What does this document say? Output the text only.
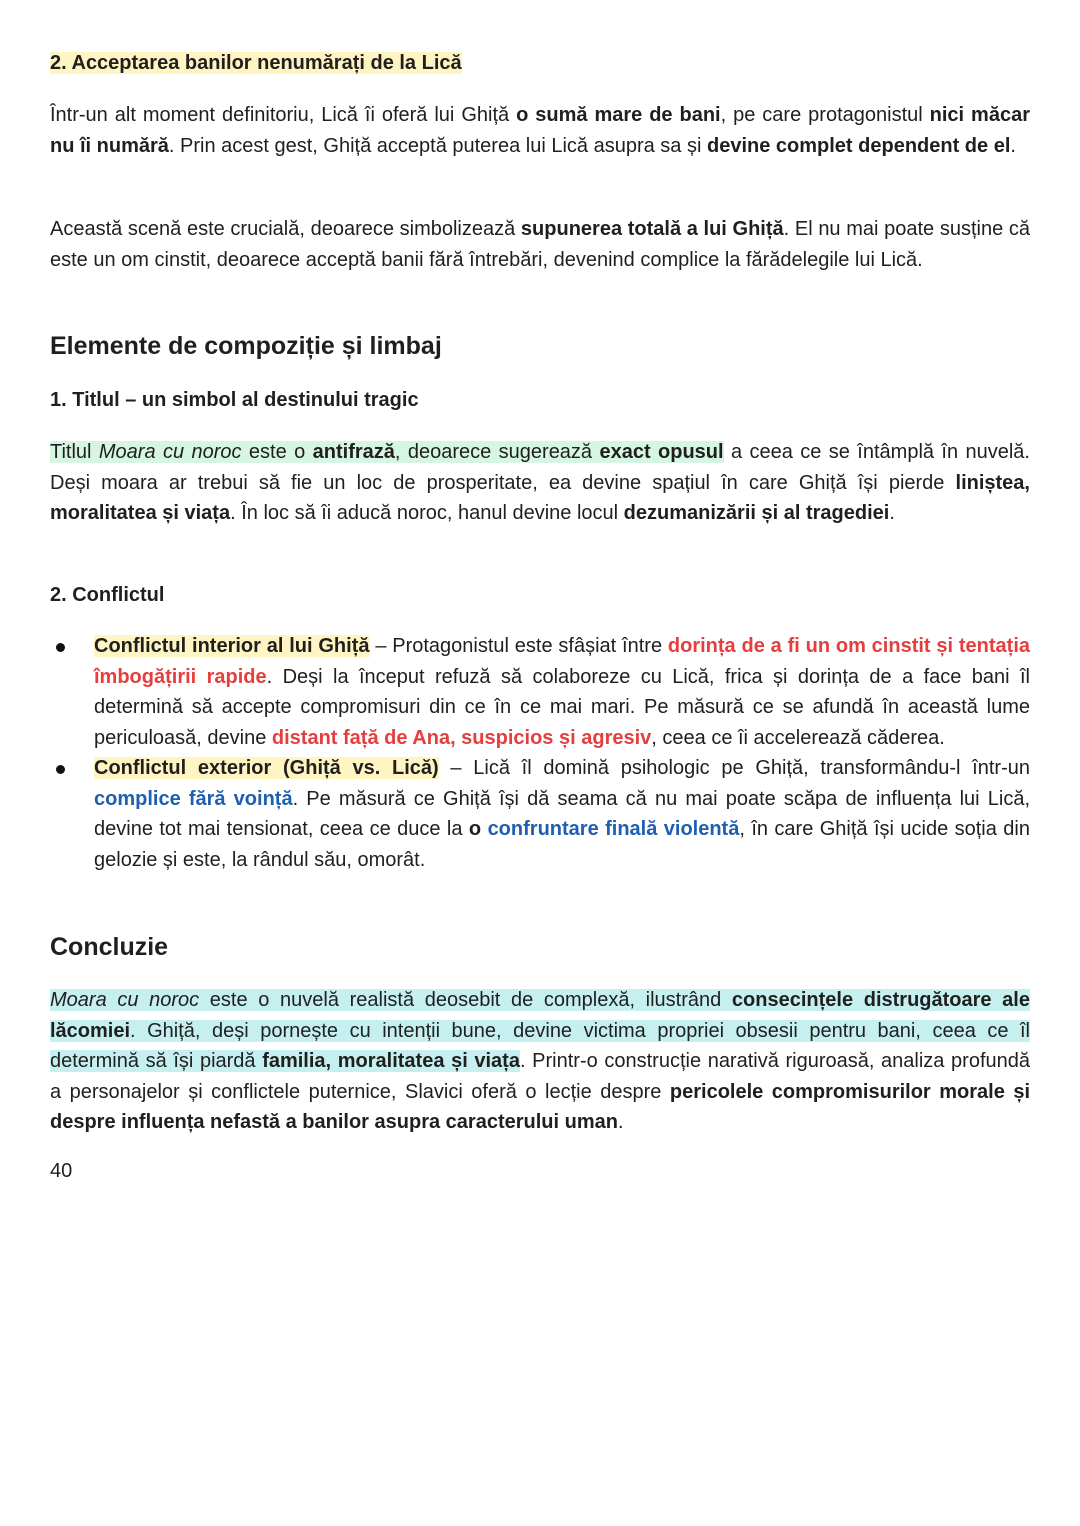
2. Acceptarea banilor nenumărați de la Lică

Într-un alt moment definitoriu, Lică îi oferă lui Ghiță o sumă mare de bani, pe care protagonistul nici măcar nu îi numără. Prin acest gest, Ghiță acceptă puterea lui Lică asupra sa și devine complet dependent de el.

Această scenă este crucială, deoarece simbolizează supunerea totală a lui Ghiță. El nu mai poate susține că este un om cinstit, deoarece acceptă banii fără întrebări, devenind complice la fărădelegile lui Lică.

Elemente de compoziție și limbaj
1. Titlul – un simbol al destinului tragic

Titlul Moara cu noroc este o antifrază, deoarece sugerează exact opusul a ceea ce se întâmplă în nuvelă. Deși moara ar trebui să fie un loc de prosperitate, ea devine spațiul în care Ghiță își pierde liniștea, moralitatea și viața. În loc să îi aducă noroc, hanul devine locul dezumanizării și al tragediei.

2. Conflictul
Conflictul interior al lui Ghiță – Protagonistul este sfâșiat între dorința de a fi un om cinstit și tentația îmbogățirii rapide. Deși la început refuză să colaboreze cu Lică, frica și dorința de a face bani îl determină să accepte compromisuri din ce în ce mai mari. Pe măsură ce se afundă în această lume periculoasă, devine distant față de Ana, suspicios și agresiv, ceea ce îi accelerează căderea.
Conflictul exterior (Ghiță vs. Lică) – Lică îl domină psihologic pe Ghiță, transformându-l într-un complice fără voință. Pe măsură ce Ghiță își dă seama că nu mai poate scăpa de influența lui Lică, devine tot mai tensionat, ceea ce duce la o confruntare finală violentă, în care Ghiță își ucide soția din gelozie și este, la rândul său, omorât.
Concluzie

Moara cu noroc este o nuvelă realistă deosebit de complexă, ilustrând consecințele distrugătoare ale lăcomiei. Ghiță, deși pornește cu intenții bune, devine victima propriei obsesii pentru bani, ceea ce îl determină să își piardă familia, moralitatea și viața. Printr-o construcție narativă riguroasă, analiza profundă a personajelor și conflictele puternice, Slavici oferă o lecție despre pericolele compromisurilor morale și despre influența nefastă a banilor asupra caracterului uman.

40
